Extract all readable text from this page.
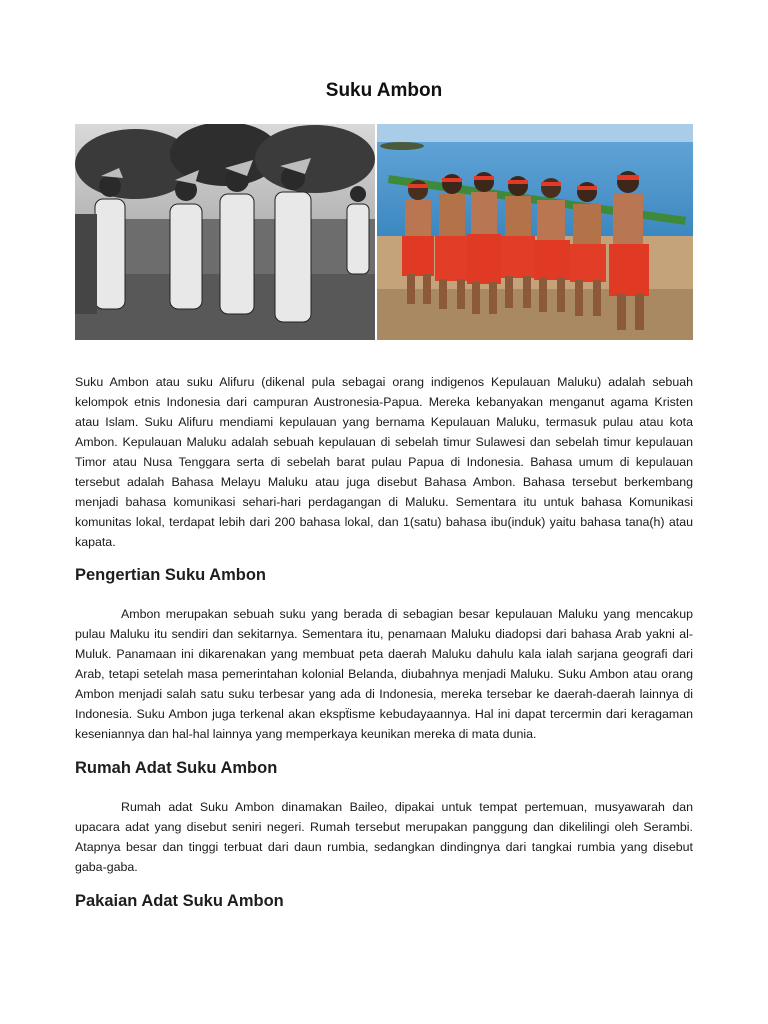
Suku Ambon

Suku Ambon atau suku Alifuru (dikenal pula sebagai orang indigenos Kepulauan Maluku) adalah sebuah kelompok etnis Indonesia dari campuran Austronesia-Papua. Mereka kebanyakan menganut agama Kristen atau Islam. Suku Alifuru mendiami kepulauan yang bernama Kepulauan Maluku, termasuk pulau atau kota Ambon. Kepulauan Maluku adalah sebuah kepulauan di sebelah timur Sulawesi dan sebelah timur kepulauan Timor atau Nusa Tenggara serta di sebelah barat pulau Papua di Indonesia. Bahasa umum di kepulauan tersebut adalah Bahasa Melayu Maluku atau juga disebut Bahasa Ambon. Bahasa tersebut berkembang menjadi bahasa komunikasi sehari-hari perdagangan di Maluku. Sementara itu untuk bahasa Komunikasi komunitas lokal, terdapat lebih dari 200 bahasa lokal, dan 1(satu) bahasa ibu(induk) yaitu bahasa tana(h) atau kapata.

Pengertian Suku Ambon

Ambon merupakan sebuah suku yang berada di sebagian besar kepulauan Maluku yang mencakup pulau Maluku itu sendiri dan sekitarnya. Sementara itu, penamaan Maluku diadopsi dari bahasa Arab yakni al-Muluk. Panamaan ini dikarenakan yang membuat peta daerah Maluku dahulu kala ialah sarjana geografi dari Arab, tetapi setelah masa pemerintahan kolonial Belanda, diubahnya menjadi Maluku. Suku Ambon atau orang Ambon menjadi salah satu suku terbesar yang ada di Indonesia, mereka tersebar ke daerah-daerah lainnya di Indonesia. Suku Ambon juga terkenal akan ekspẗisme kebudayaannya. Hal ini dapat tercermin dari keragaman keseniannya dan hal-hal lainnya yang memperkaya keunikan mereka di mata dunia.

Rumah Adat Suku Ambon

Rumah adat Suku Ambon dinamakan Baileo, dipakai untuk tempat pertemuan, musyawarah dan upacara adat yang disebut seniri negeri. Rumah tersebut merupakan panggung dan dikelilingi oleh Serambi. Atapnya besar dan tinggi terbuat dari daun rumbia, sedangkan dindingnya dari tangkai rumbia yang disebut gaba-gaba.

Pakaian Adat Suku Ambon
